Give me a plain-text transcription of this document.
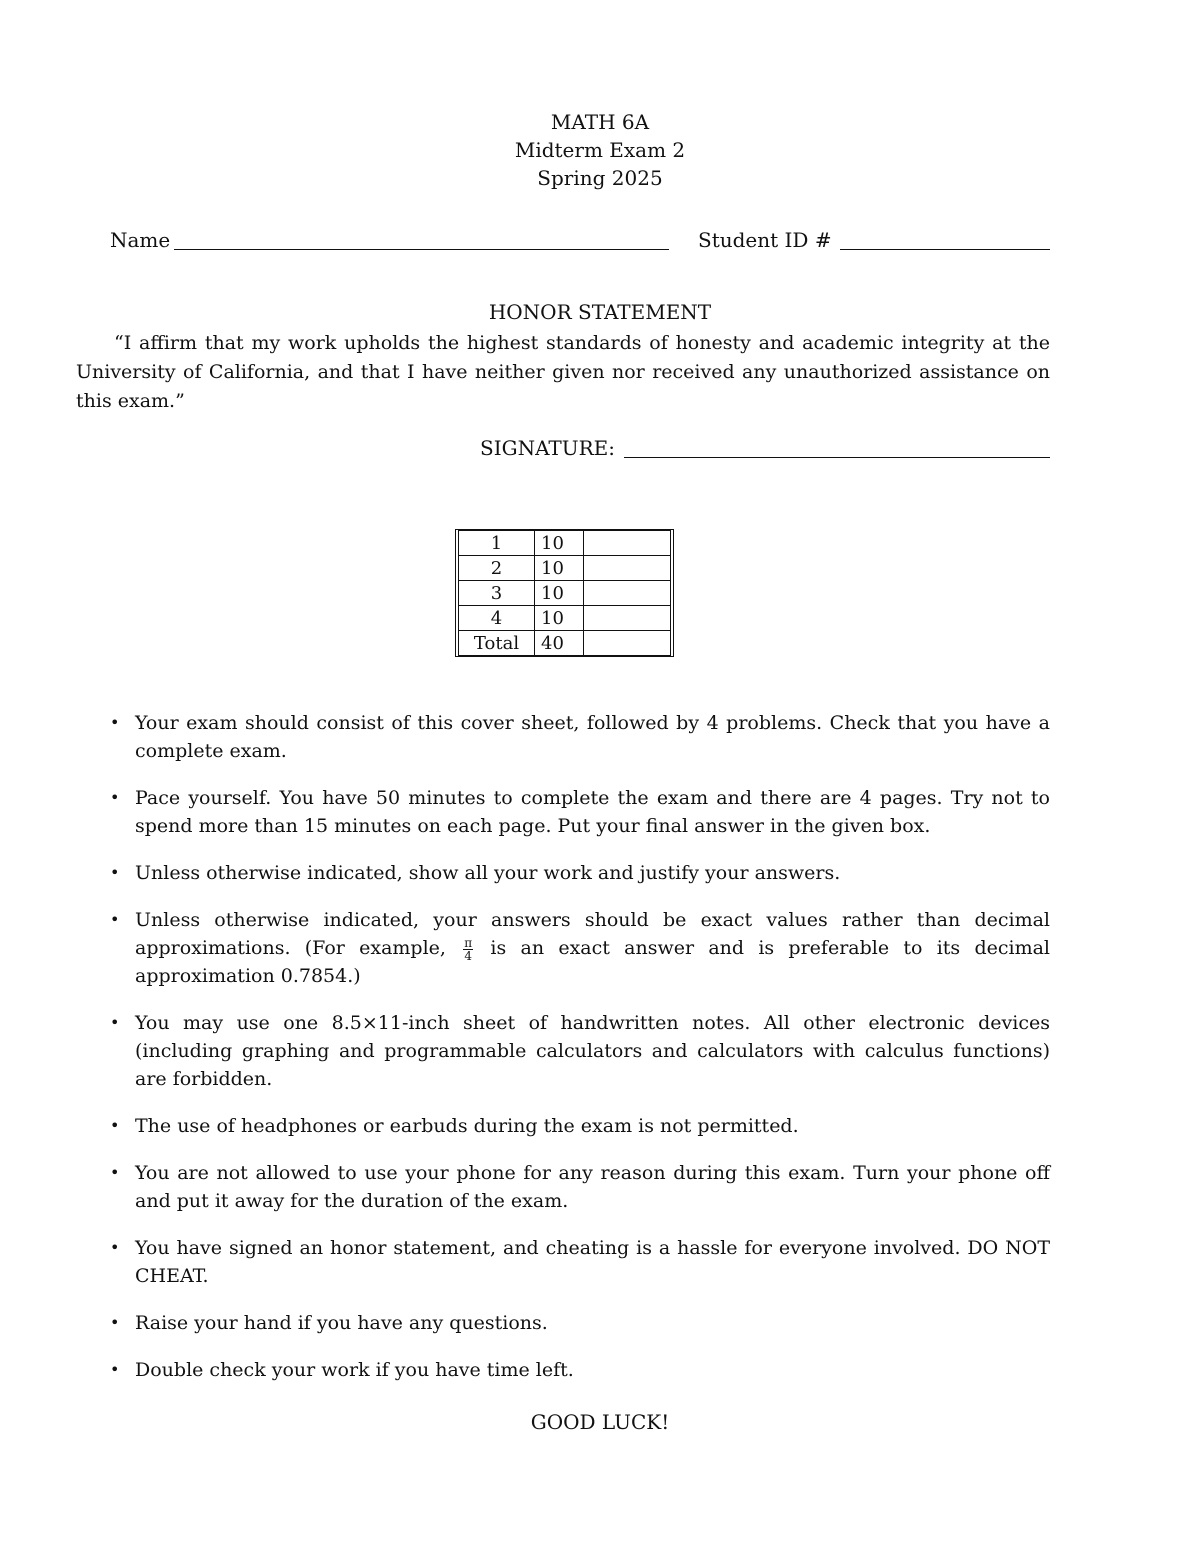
MATH 6A
Midterm Exam 2
Spring 2025
Name	Student ID #
HONOR STATEMENT
“I affirm that my work upholds the highest standards of honesty and academic integrity at the University of California, and that I have neither given nor received any unauthorized assistance on this exam.”
SIGNATURE:
1	10	
2	10	
3	10	
4	10	
Total	40	
• Your exam should consist of this cover sheet, followed by 4 problems. Check that you have a complete exam.
• Pace yourself. You have 50 minutes to complete the exam and there are 4 pages. Try not to spend more than 15 minutes on each page. Put your final answer in the given box.
• Unless otherwise indicated, show all your work and justify your answers.
• Unless otherwise indicated, your answers should be exact values rather than decimal approximations. (For example, $\frac{\pi}{4}$ is an exact answer and is preferable to its decimal approximation 0.7854.)
• You may use one 8.5×11-inch sheet of handwritten notes. All other electronic devices (including graphing and programmable calculators and calculators with calculus functions) are forbidden.
• The use of headphones or earbuds during the exam is not permitted.
• You are not allowed to use your phone for any reason during this exam. Turn your phone off and put it away for the duration of the exam.
• You have signed an honor statement, and cheating is a hassle for everyone involved. DO NOT CHEAT.
• Raise your hand if you have any questions.
• Double check your work if you have time left.
GOOD LUCK!
